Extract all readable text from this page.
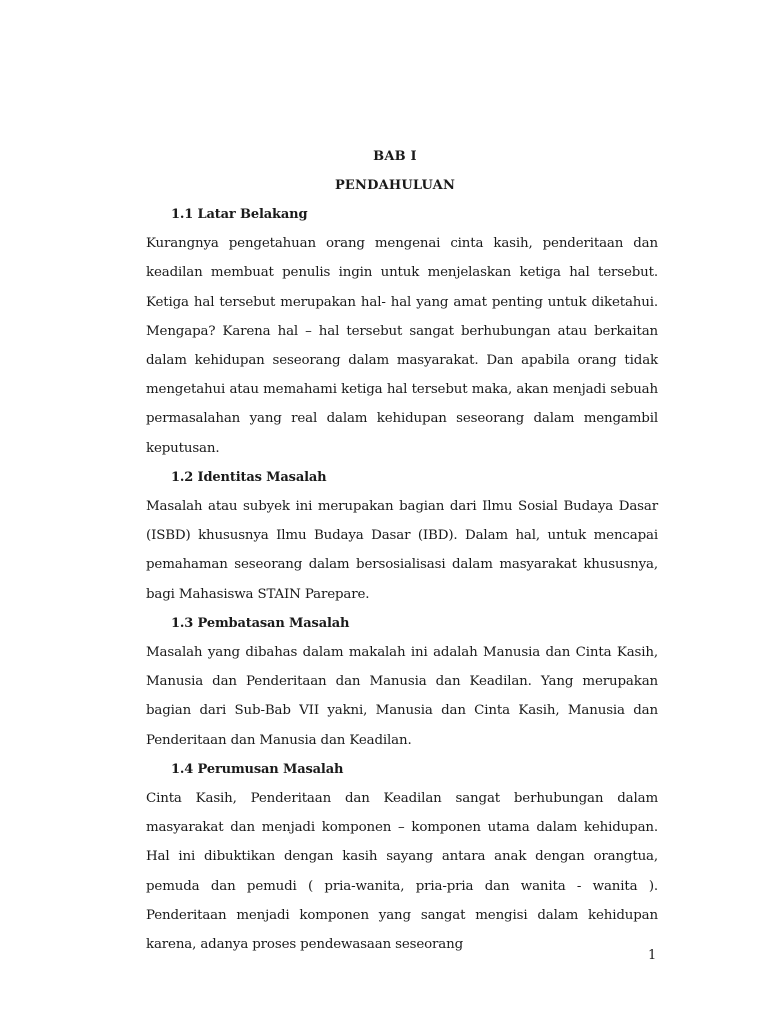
BAB I
PENDAHULUAN
1.1 Latar Belakang

Kurangnya pengetahuan orang mengenai cinta kasih, penderitaan dan keadilan membuat penulis ingin untuk menjelaskan ketiga hal tersebut. Ketiga hal tersebut merupakan hal- hal yang amat penting untuk diketahui. Mengapa? Karena hal – hal tersebut sangat berhubungan atau berkaitan dalam kehidupan seseorang dalam masyarakat. Dan apabila orang tidak mengetahui atau memahami ketiga hal tersebut maka, akan menjadi sebuah permasalahan yang real dalam kehidupan seseorang dalam mengambil keputusan.

1.2 Identitas Masalah

Masalah atau subyek ini merupakan bagian dari Ilmu Sosial Budaya Dasar (ISBD) khususnya Ilmu Budaya Dasar (IBD). Dalam hal, untuk mencapai pemahaman seseorang dalam bersosialisasi dalam masyarakat khususnya, bagi Mahasiswa STAIN Parepare.

1.3 Pembatasan Masalah

Masalah yang dibahas dalam makalah ini adalah Manusia dan Cinta Kasih, Manusia dan Penderitaan dan Manusia dan Keadilan. Yang merupakan bagian dari Sub-Bab VII yakni, Manusia dan Cinta Kasih, Manusia dan Penderitaan dan Manusia dan Keadilan.

1.4 Perumusan Masalah

Cinta Kasih, Penderitaan dan Keadilan sangat berhubungan dalam masyarakat dan menjadi komponen – komponen utama dalam kehidupan. Hal ini dibuktikan dengan kasih sayang antara anak dengan orangtua, pemuda dan pemudi ( pria-wanita, pria-pria dan wanita - wanita ). Penderitaan menjadi komponen yang sangat mengisi dalam kehidupan karena, adanya proses pendewasaan seseorang

1
